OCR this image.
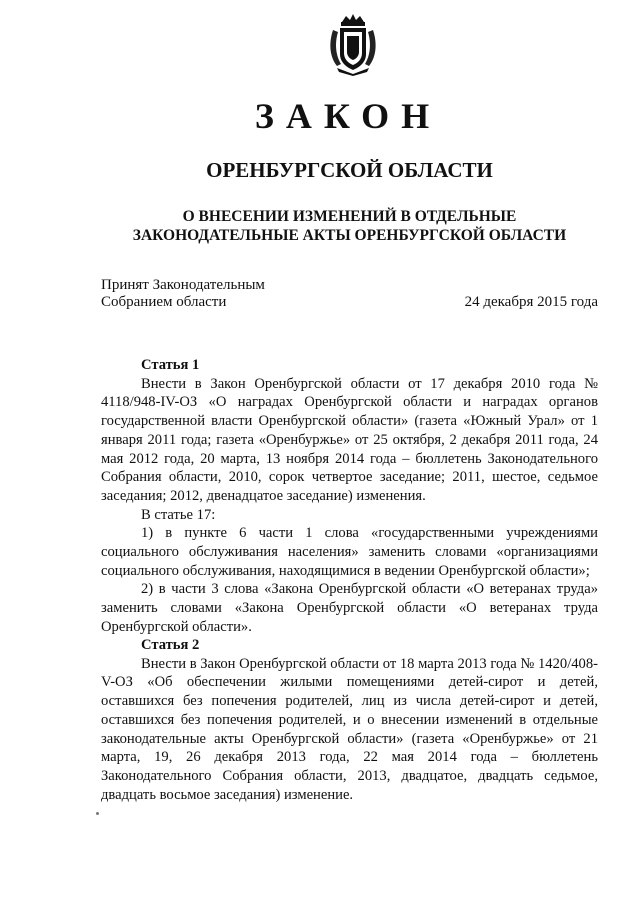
ЗАКОН
ОРЕНБУРГСКОЙ ОБЛАСТИ
О ВНЕСЕНИИ ИЗМЕНЕНИЙ В ОТДЕЛЬНЫЕ
ЗАКОНОДАТЕЛЬНЫЕ АКТЫ ОРЕНБУРГСКОЙ ОБЛАСТИ
Принят Законодательным
Собранием области	24 декабря 2015 года

Статья 1

Внести в Закон Оренбургской области от 17 декабря 2010 года № 4118/948-IV-ОЗ «О наградах Оренбургской области и наградах органов государственной власти Оренбургской области» (газета «Южный Урал» от 1 января 2011 года; газета «Оренбуржье» от 25 октября, 2 декабря 2011 года, 24 мая 2012 года, 20 марта, 13 ноября 2014 года – бюллетень Законодательного Собрания области, 2010, сорок четвертое заседание; 2011, шестое, седьмое заседания; 2012, двенадцатое заседание) изменения.

В статье 17:

1) в пункте 6 части 1 слова «государственными учреждениями социального обслуживания населения» заменить словами «организациями социального обслуживания, находящимися в ведении Оренбургской области»;

2) в части 3 слова «Закона Оренбургской области «О ветеранах труда» заменить словами «Закона Оренбургской области «О ветеранах труда Оренбургской области».

Статья 2

Внести в Закон Оренбургской области от 18 марта 2013 года № 1420/408-V-ОЗ «Об обеспечении жилыми помещениями детей-сирот и детей, оставшихся без попечения родителей, лиц из числа детей-сирот и детей, оставшихся без попечения родителей, и о внесении изменений в отдельные законодательные акты Оренбургской области» (газета «Оренбуржье» от 21 марта, 19, 26 декабря 2013 года, 22 мая 2014 года – бюллетень Законодательного Собрания области, 2013, двадцатое, двадцать седьмое, двадцать восьмое заседания) изменение.
